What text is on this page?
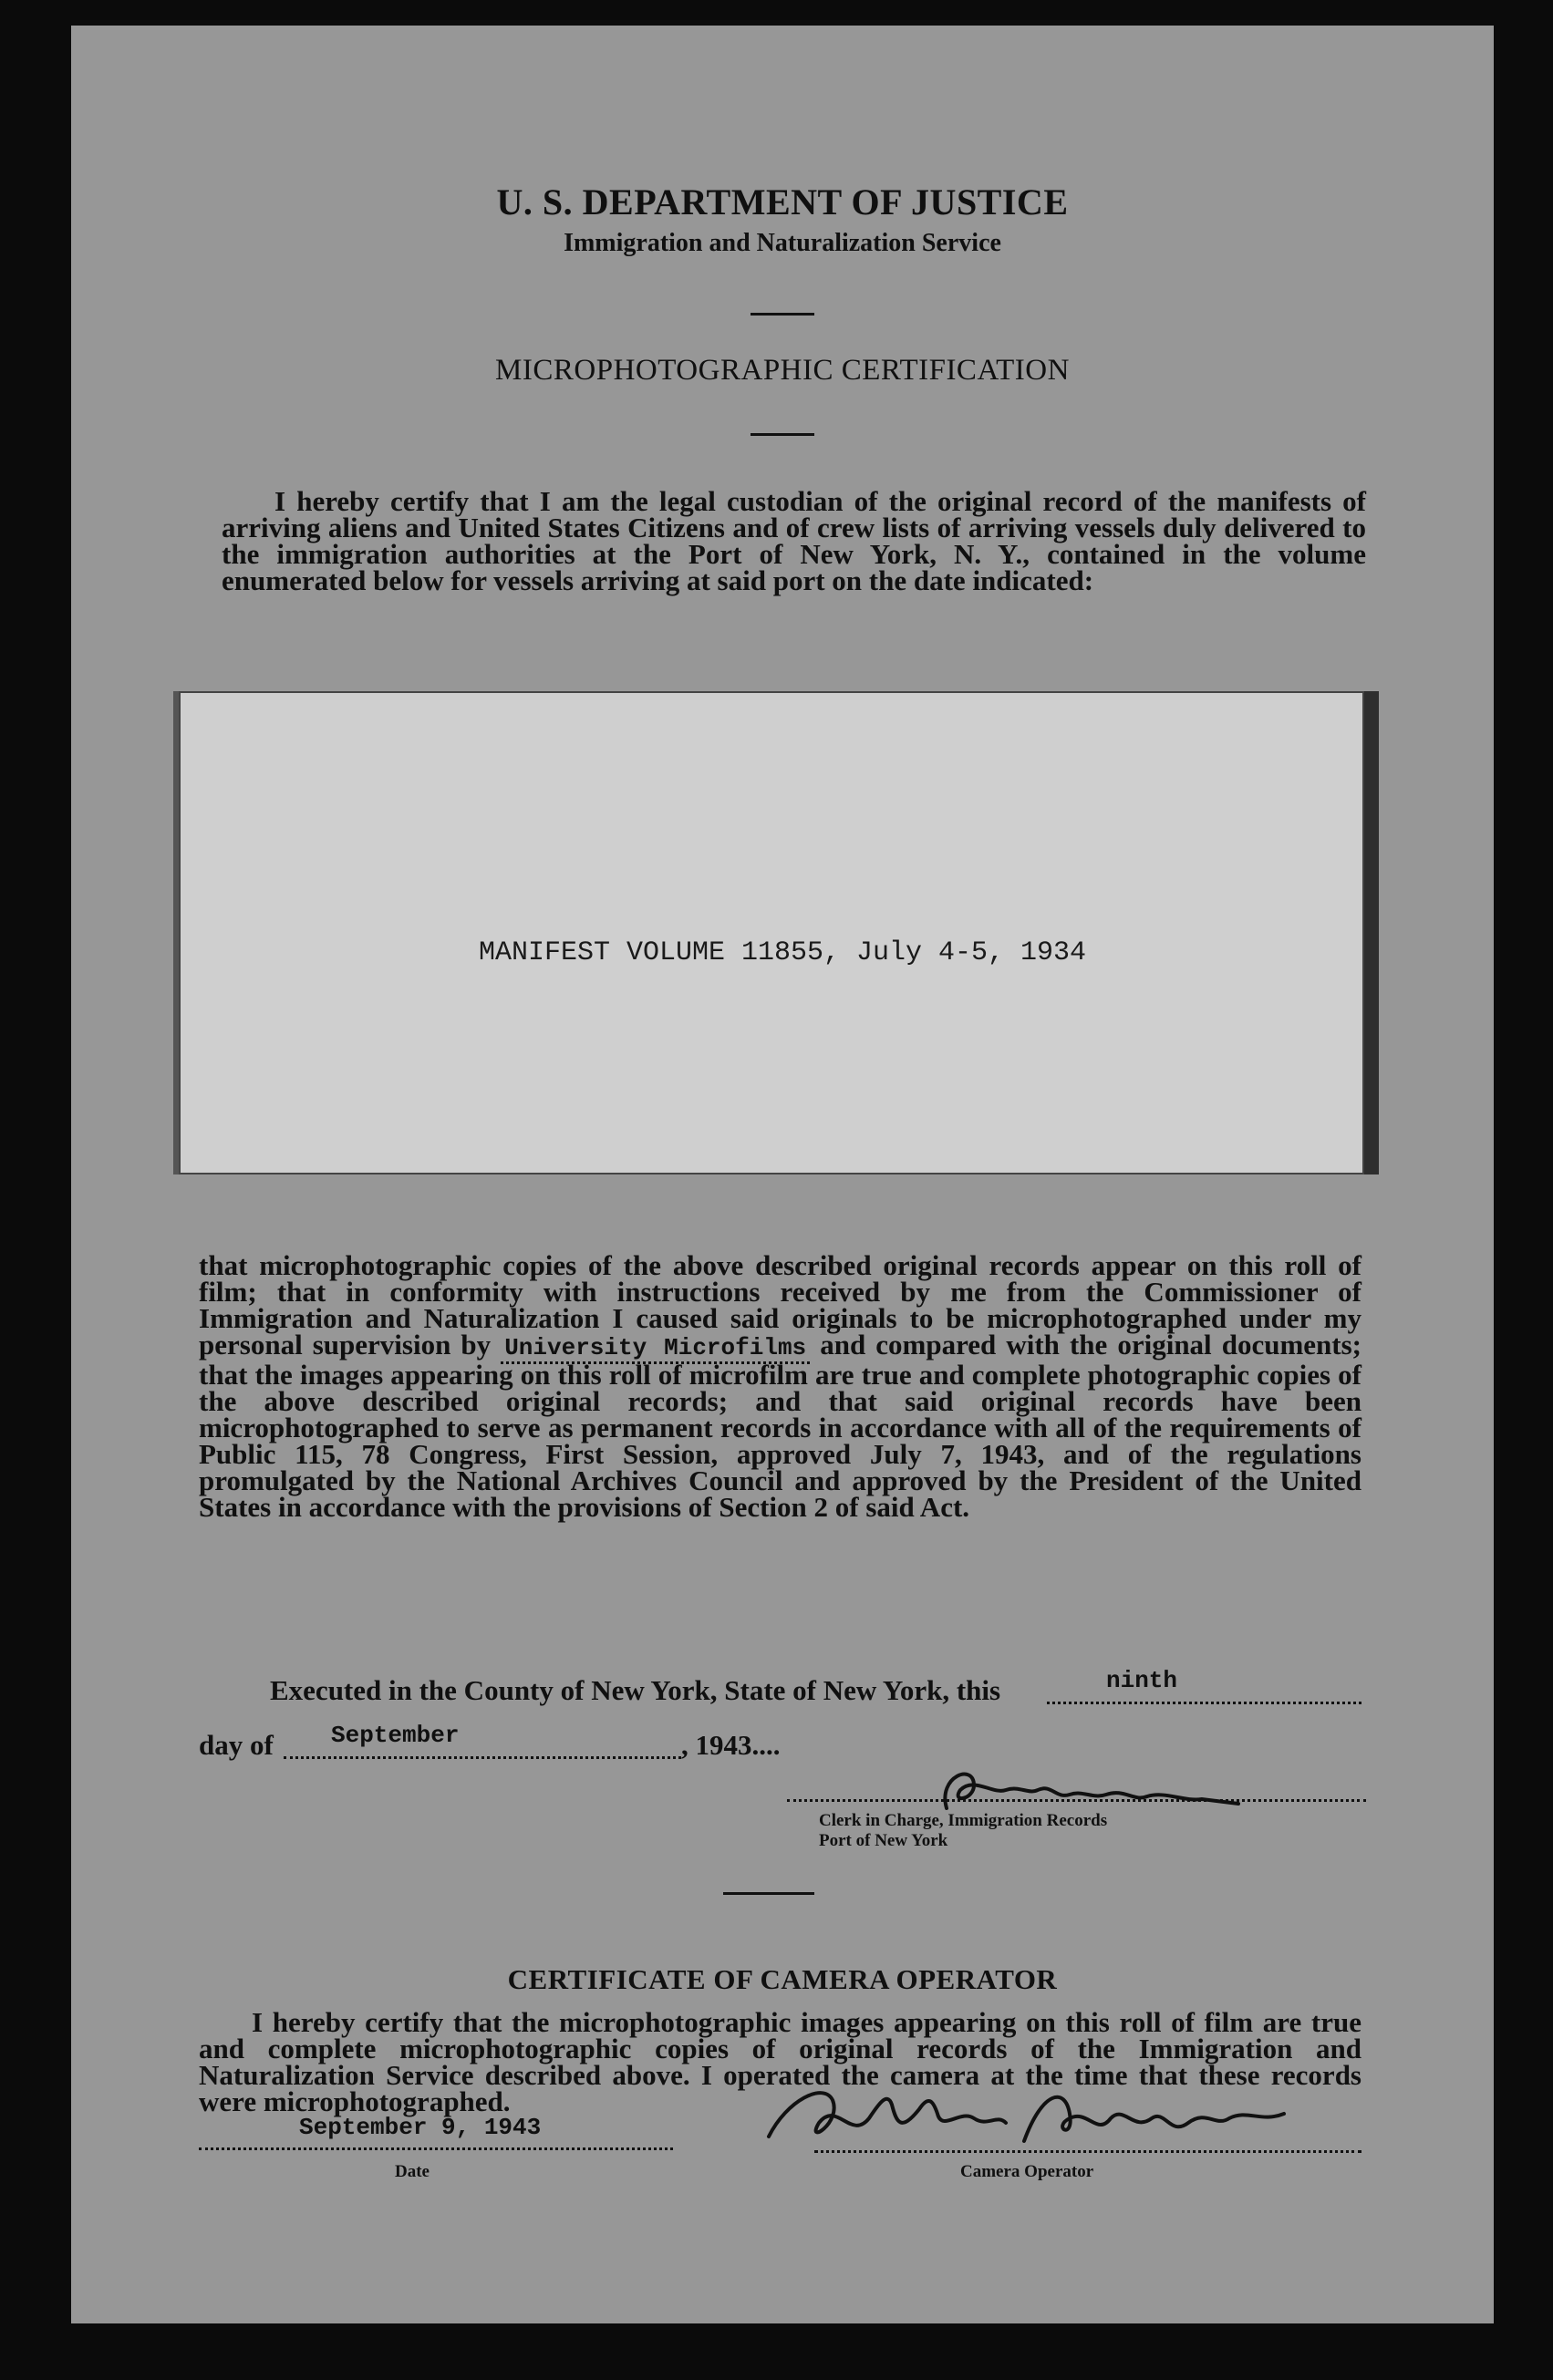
U. S. DEPARTMENT OF JUSTICE
Immigration and Naturalization Service
MICROPHOTOGRAPHIC CERTIFICATION
I hereby certify that I am the legal custodian of the original record of the manifests of arriving aliens and United States Citizens and of crew lists of arriving vessels duly delivered to the immigration authorities at the Port of New York, N. Y., contained in the volume enumerated below for vessels arriving at said port on the date indicated:
MANIFEST VOLUME 11855, July 4-5, 1934
that microphotographic copies of the above described original records appear on this roll of film; that in conformity with instructions received by me from the Commissioner of Immigration and Naturalization I caused said originals to be microphotographed under my personal supervision by University Microfilms and compared with the original documents; that the images appearing on this roll of microfilm are true and complete photographic copies of the above described original records; and that said original records have been microphotographed to serve as permanent records in accordance with all of the requirements of Public 115, 78 Congress, First Session, approved July 7, 1943, and of the regulations promulgated by the National Archives Council and approved by the President of the United States in accordance with the provisions of Section 2 of said Act.
Executed in the County of New York, State of New York, this	ninth
day of September	, 1943....
Clerk in Charge, Immigration Records
Port of New York
CERTIFICATE OF CAMERA OPERATOR
I hereby certify that the microphotographic images appearing on this roll of film are true and complete microphotographic copies of original records of the Immigration and Naturalization Service described above. I operated the camera at the time that these records were microphotographed.
September 9, 1943
Date	Camera Operator
